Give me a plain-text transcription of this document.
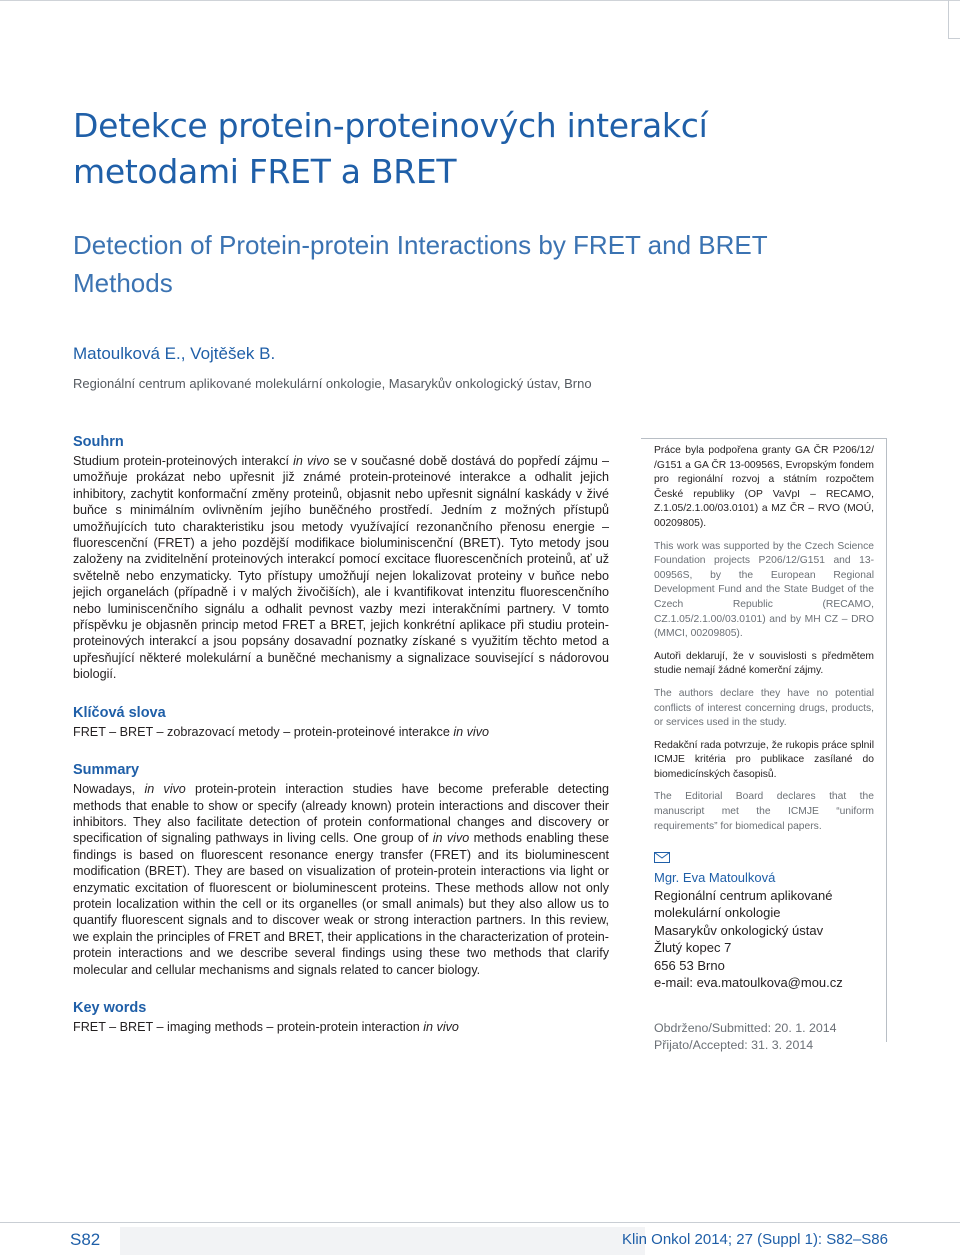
Detekce protein-proteinových interakcí metodami FRET a BRET
Detection of Protein-protein Interactions by FRET and BRET Methods
Matoulková E., Vojtěšek B.
Regionální centrum aplikované molekulární onkologie, Masarykův onkologický ústav, Brno
Souhrn

Studium protein-proteinových interakcí in vivo se v současné době dostává do popředí zájmu – umožňuje prokázat nebo upřesnit již známé protein-proteinové interakce a odhalit jejich inhibitory, zachytit konformační změny proteinů, objasnit nebo upřesnit signální kaskády v živé buňce s minimálním ovlivněním jejího buněčného prostředí. Jedním z možných přístupů umožňujících tuto charakteristiku jsou metody využívající rezonančního přenosu energie – fluorescenční (FRET) a jeho pozdější modifikace bioluminiscenční (BRET). Tyto metody jsou založeny na zviditelnění proteinových interakcí pomocí excitace fluorescenčních proteinů, ať už světelně nebo enzymaticky. Tyto přístupy umožňují nejen lokalizovat proteiny v buňce nebo jejich organelách (případně i v malých živočiších), ale i kvantifikovat intenzitu fluorescenčního nebo luminiscenčního signálu a odhalit pevnost vazby mezi interakčními partnery. V tomto příspěvku je objasněn princip metod FRET a BRET, jejich konkrétní aplikace při studiu protein-proteinových interakcí a jsou popsány dosavadní poznatky získané s využitím těchto metod a upřesňující některé molekulární a buněčné mechanismy a signalizace související s nádorovou biologií.

Klíčová slova

FRET – BRET – zobrazovací metody – protein-proteinové interakce in vivo

Summary

Nowadays, in vivo protein-protein interaction studies have become preferable detecting methods that enable to show or specify (already known) protein interactions and discover their inhibitors. They also facilitate detection of protein conformational changes and discovery or specification of signaling pathways in living cells. One group of in vivo methods enabling these findings is based on fluorescent resonance energy transfer (FRET) and its bioluminescent modification (BRET). They are based on visualization of protein-protein interactions via light or enzymatic excitation of fluorescent or bioluminescent proteins. These methods allow not only protein localization within the cell or its organelles (or small animals) but they also allow us to quantify fluorescent signals and to discover weak or strong interaction partners. In this review, we explain the principles of FRET and BRET, their applications in the characterization of protein-protein interactions and we describe several findings using these two methods that clarify molecular and cellular mechanisms and signals related to cancer biology.

Key words

FRET – BRET – imaging methods – protein-protein interaction in vivo

Práce byla podpořena granty GA ČR P206/12/ /G151 a GA ČR 13-00956S, Evropským fondem pro regionální rozvoj a státním rozpočtem České republiky (OP VaVpI – RECAMO, Z.1.05/2.1.00/03.0101) a MZ ČR – RVO (MOÚ, 00209805).

This work was supported by the Czech Science Foundation projects P206/12/G151 and 13-00956S, by the European Regional Development Fund and the State Budget of the Czech Republic (RECAMO, CZ.1.05/2.1.00/03.0101) and by MH CZ – DRO (MMCI, 00209805).

Autoři deklarují, že v souvislosti s předmětem studie nemají žádné komerční zájmy.

The authors declare they have no potential conflicts of interest concerning drugs, products, or services used in the study.

Redakční rada potvrzuje, že rukopis práce splnil ICMJE kritéria pro publikace zasílané do biomedicínských časopisů.

The Editorial Board declares that the manuscript met the ICMJE “uniform requirements” for biomedical papers.

Mgr. Eva Matoulková
Regionální centrum aplikované
molekulární onkologie
Masarykův onkologický ústav
Žlutý kopec 7
656 53 Brno
e-mail: eva.matoulkova@mou.cz

Obdrženo/Submitted: 20. 1. 2014
Přijato/Accepted: 31. 3. 2014

S82	Klin Onkol 2014; 27 (Suppl 1): S82–S86
